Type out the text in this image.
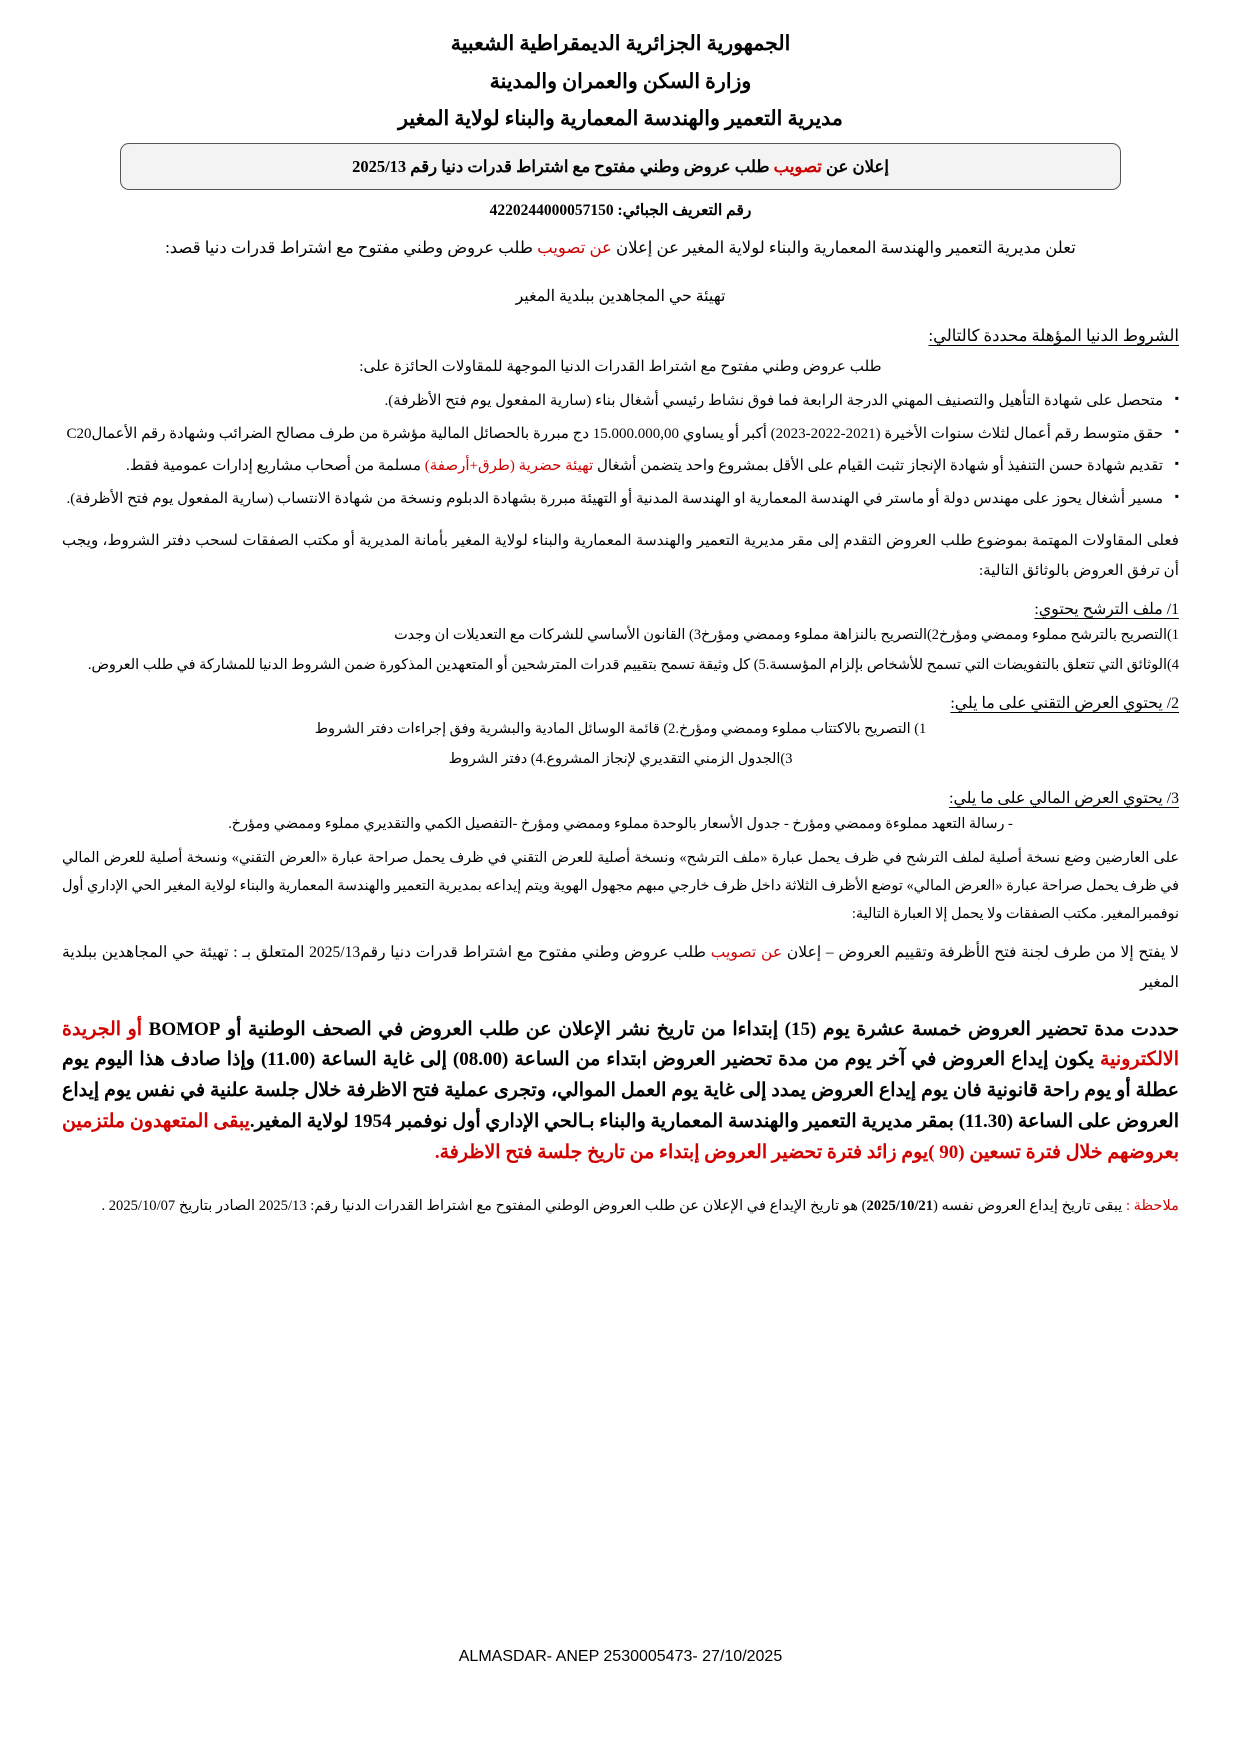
الجمهورية الجزائرية الديمقراطية الشعبية
وزارة السكن والعمران والمدينة
مديرية التعمير والهندسة المعمارية والبناء لولاية المغير
إعلان عن تصويب طلب عروض وطني مفتوح مع اشتراط قدرات دنيا رقم 2025/13
رقم التعريف الجبائي: 4220244000057150
تعلن مديرية التعمير والهندسة المعمارية والبناء لولاية المغير عن إعلان عن تصويب طلب عروض وطني مفتوح مع اشتراط قدرات دنيا قصد:
تهيئة حي المجاهدين ببلدية المغير
الشروط الدنيا المؤهلة محددة كالتالي:
طلب عروض وطني مفتوح مع اشتراط القدرات الدنيا الموجهة للمقاولات الحائزة على:
▪ متحصل على شهادة التأهيل والتصنيف المهني الدرجة الرابعة فما فوق نشاط رئيسي أشغال بناء (سارية المفعول يوم فتح الأظرفة).
▪ حقق متوسط رقم أعمال لثلاث سنوات الأخيرة (2021-2022-2023) أكبر أو يساوي 15.000.000,00 دج مبررة بالحصائل المالية مؤشرة من طرف مصالح الضرائب وشهادة رقم الأعمالC20
▪ تقديم شهادة حسن التنفيذ أو شهادة الإنجاز تثبت القيام على الأقل بمشروع واحد يتضمن أشغال تهيئة حضرية (طرق+أرصفة) مسلمة من أصحاب مشاريع إدارات عمومية فقط.
▪ مسير أشغال يحوز على مهندس دولة أو ماستر في الهندسة المعمارية او الهندسة المدنية أو التهيئة مبررة بشهادة الدبلوم ونسخة من شهادة الانتساب (سارية المفعول يوم فتح الأظرفة).
فعلى المقاولات المهتمة بموضوع طلب العروض التقدم إلى مقر مديرية التعمير والهندسة المعمارية والبناء لولاية المغير بأمانة المديرية أو مكتب الصفقات لسحب دفتر الشروط، ويجب أن ترفق العروض بالوثائق التالية:
1/ ملف الترشح يحتوي:
1)التصريح بالترشح مملوء وممضي ومؤرخ2)التصريح بالنزاهة مملوء وممضي ومؤرخ3) القانون الأساسي للشركات مع التعديلات ان وجدت
4)الوثائق التي تتعلق بالتفويضات التي تسمح للأشخاص بإلزام المؤسسة.5) كل وثيقة تسمح بتقييم قدرات المترشحين أو المتعهدين المذكورة ضمن الشروط الدنيا للمشاركة في طلب العروض.
2/ يحتوي العرض التقني على ما يلي:
1) التصريح بالاكتتاب مملوء وممضي ومؤرخ.2) قائمة الوسائل المادية والبشرية وفق إجراءات دفتر الشروط
3)الجدول الزمني التقديري لإنجاز المشروع.4) دفتر الشروط
3/ يحتوي العرض المالي على ما يلي:
- رسالة التعهد مملوءة وممضي ومؤرخ - جدول الأسعار بالوحدة مملوء وممضي ومؤرخ -التفصيل الكمي والتقديري مملوء وممضي ومؤرخ.
على العارضين وضع نسخة أصلية لملف الترشح في ظرف يحمل عبارة «ملف الترشح» ونسخة أصلية للعرض التقني في ظرف يحمل صراحة عبارة «العرض التقني» ونسخة أصلية للعرض المالي في ظرف يحمل صراحة عبارة «العرض المالي» توضع الأظرف الثلاثة داخل ظرف خارجي مبهم مجهول الهوية ويتم إيداعه بمديرية التعمير والهندسة المعمارية والبناء لولاية المغير الحي الإداري أول نوفمبرالمغير. مكتب الصفقات ولا يحمل إلا العبارة التالية:
لا يفتح إلا من طرف لجنة فتح الأظرفة وتقييم العروض – إعلان عن تصويب طلب عروض وطني مفتوح مع اشتراط قدرات دنيا رقم2025/13 المتعلق بـ : تهيئة حي المجاهدين ببلدية المغير
حددت مدة تحضير العروض خمسة عشرة يوم (15) إبتداءا من تاريخ نشر الإعلان عن طلب العروض في الصحف الوطنية أو BOMOP أو الجريدة الالكترونية يكون إيداع العروض في آخر يوم من مدة تحضير العروض ابتداء من الساعة (08.00) إلى غاية الساعة (11.00) وإذا صادف هذا اليوم يوم عطلة أو يوم راحة قانونية فان يوم إيداع العروض يمدد إلى غاية يوم العمل الموالي، وتجرى عملية فتح الاظرفة خلال جلسة علنية في نفس يوم إيداع العروض على الساعة (11.30) بمقر مديرية التعمير والهندسة المعمارية والبناء بـالحي الإداري أول نوفمبر 1954 لولاية المغير.يبقى المتعهدون ملتزمين بعروضهم خلال فترة تسعين (90 )يوم زائد فترة تحضير العروض إبتداء من تاريخ جلسة فتح الاظرفة.
ملاحظة : يبقى تاريخ إيداع العروض نفسه (2025/10/21) هو تاريخ الإيداع في الإعلان عن طلب العروض الوطني المفتوح مع اشتراط القدرات الدنيا رقم: 2025/13 الصادر بتاريخ 2025/10/07 .
ALMASDAR- ANEP 2530005473- 27/10/2025
